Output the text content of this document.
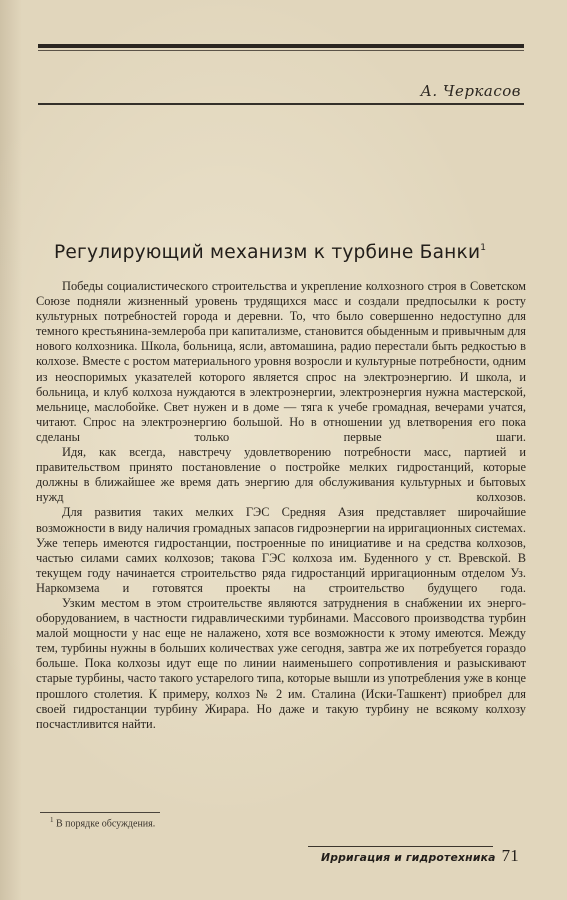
А. Черкасов
Регулирующий механизм к турбине Банки$^1$

Победы социалистического строительства и укрепление колхозного строя в Советском Союзе подняли жизненный уровень трудящихся масс и создали предпосылки к росту культурных потребностей города и деревни. То, что было совершенно недоступно для темного крестьянина-землероба при капитализме, становится обыденным и привычным для нового колхозника. Школа, больница, ясли, автомашина, радио перестали быть редкостью в колхозе. Вместе с ростом материального уровня возросли и культурные потребности, одним из неоспоримых указателей которого является спрос на электроэнергию. И школа, и больница, и клуб колхоза нуждаются в электроэнергии, электроэнергия нужна мастерской, мельнице, маслобойке. Свет нужен и в доме — тяга к учебе громадная, вечерами учатся, читают. Спрос на электроэнергию большой. Но в отношении уд влетворения его пока сделаны только первые шаги.

Идя, как всегда, навстречу удовлетворению потребности масс, партией и правительством принято постановление о постройке мелких гидростанций, которые должны в ближайшее же время дать энергию для обслуживания культурных и бытовых нужд колхозов.

Для развития таких мелких ГЭС Средняя Азия представляет широчайшие возможности в виду наличия громадных запасов гидроэнергии на ирригационных системах. Уже теперь имеются гидростанции, построенные по инициативе и на средства колхозов, частью силами самих колхозов; такова ГЭС колхоза им. Буденного у ст. Вревской. В текущем году начинается строительство ряда гидростанций ирригационным отделом Уз. Наркомзема и готовятся проекты на строительство будущего года.

Узким местом в этом строительстве являются затруднения в снабжении их энерго-оборудованием, в частности гидравлическими турбинами. Массового производства турбин малой мощности у нас еще не налажено, хотя все возможности к этому имеются. Между тем, турбины нужны в больших количествах уже сегодня, завтра же их потребуется гораздо больше. Пока колхозы идут еще по линии наименьшего сопротивления и разыскивают старые турбины, часто такого устарелого типа, которые вышли из употребления уже в конце прошлого столетия. К примеру, колхоз № 2 им. Сталина (Иски-Ташкент) приобрел для своей гидростанции турбину Жирара. Но даже и такую турбину не всякому колхозу посчастливится найти.

$^1$ В порядке обсуждения.
Ирригация и гидротехника 71
